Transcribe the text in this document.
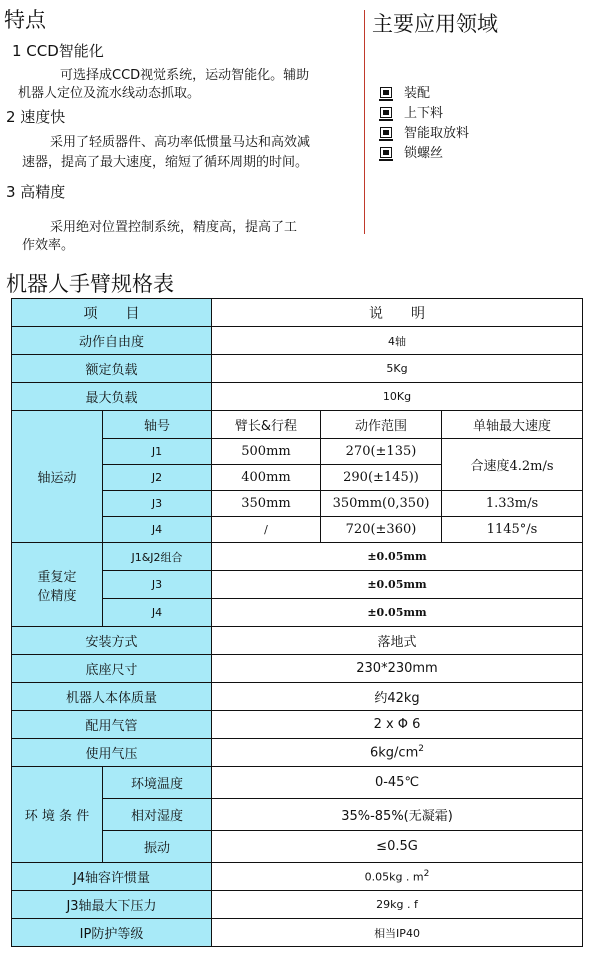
特点
1 CCD智能化
可选择成CCD视觉系统，运动智能化。辅助
机器人定位及流水线动态抓取。
2 速度快
采用了轻质器件、高功率低惯量马达和高效减
速器，提高了最大速度，缩短了循环周期的时间。
3 高精度
采用绝对位置控制系统，精度高，提高了工
作效率。
主要应用领域
装配
上下料
智能取放料
锁螺丝
机器人手臂规格表
项　　目		说　　明		
动作自由度		4轴		
额定负载		5Kg		
最大负载		10Kg		
轴运动	轴号	臂长&行程	动作范围	单轴最大速度
	J1	500mm	270(±135)	合速度4.2m/s
	J2	400mm	290(±145))	
	J3	350mm	350mm(0,350)	1.33m/s
	J4	/	720(±360)	1145°/s
重复定
位精度	J1&J2组合	±0.05mm		
	J3	±0.05mm		
	J4	±0.05mm		
安装方式		落地式		
底座尺寸		230*230mm		
机器人本体质量		约42kg		
配用气管		2 x Φ 6		
使用气压		$6kg/cm^2$
环 境 条 件	环境温度	0-45℃		
	相对湿度	35%-85%(无凝霜)		
	振动	≤0.5G		
J4轴容许惯量		0.05kg . $m^2$
J3轴最大下压力		29kg . f		
IP防护等级		相当IP40		
